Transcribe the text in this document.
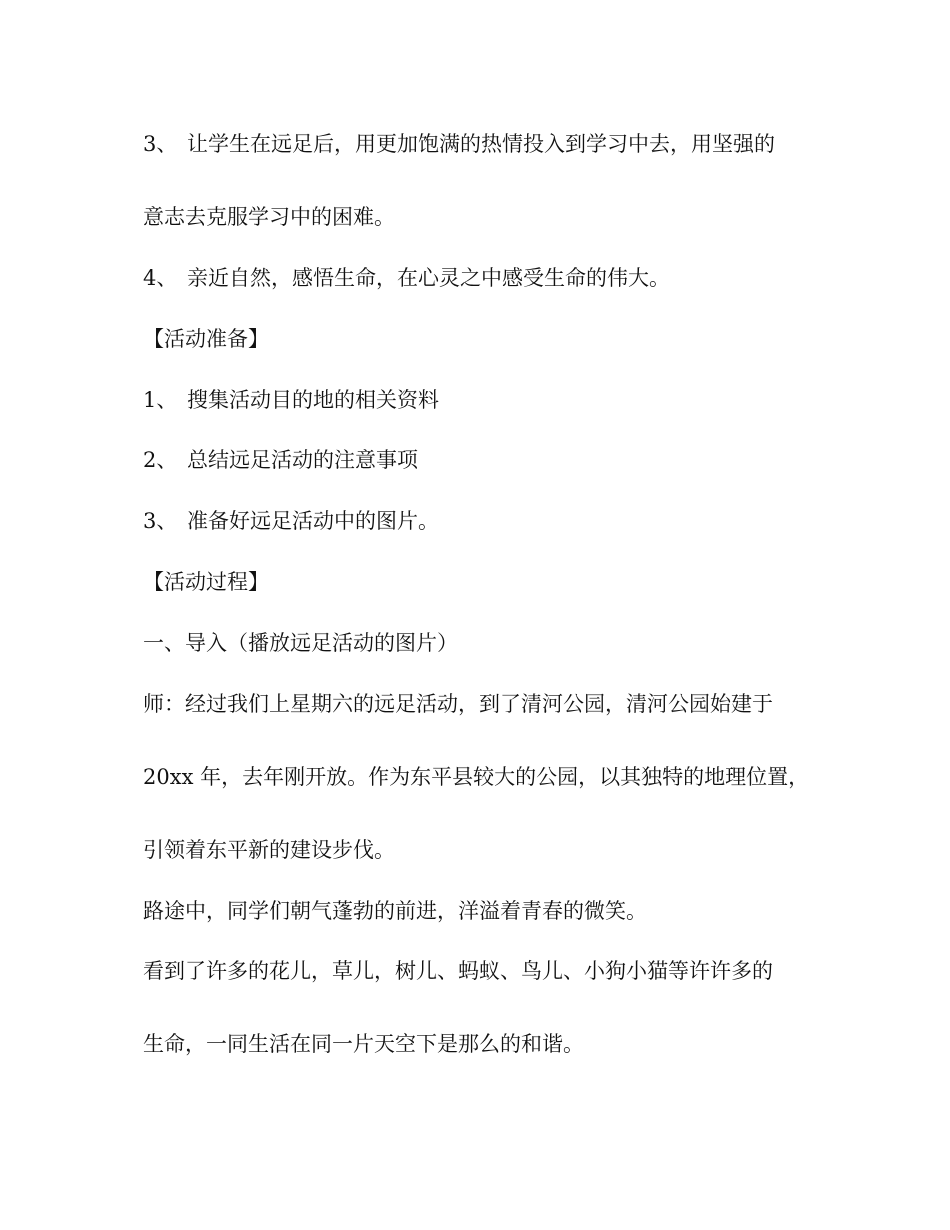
3、 让学生在远足后，用更加饱满的热情投入到学习中去，用坚强的
意志去克服学习中的困难。
4、 亲近自然，感悟生命，在心灵之中感受生命的伟大。
【活动准备】
1、 搜集活动目的地的相关资料
2、 总结远足活动的注意事项
3、 准备好远足活动中的图片。
【活动过程】
一、导入（播放远足活动的图片）
师：经过我们上星期六的远足活动，到了清河公园，清河公园始建于
20xx 年，去年刚开放。作为东平县较大的公园，以其独特的地理位置，
引领着东平新的建设步伐。
路途中，同学们朝气蓬勃的前进，洋溢着青春的微笑。
看到了许多的花儿，草儿，树儿、蚂蚁、鸟儿、小狗小猫等许许多的
生命，一同生活在同一片天空下是那么的和谐。
